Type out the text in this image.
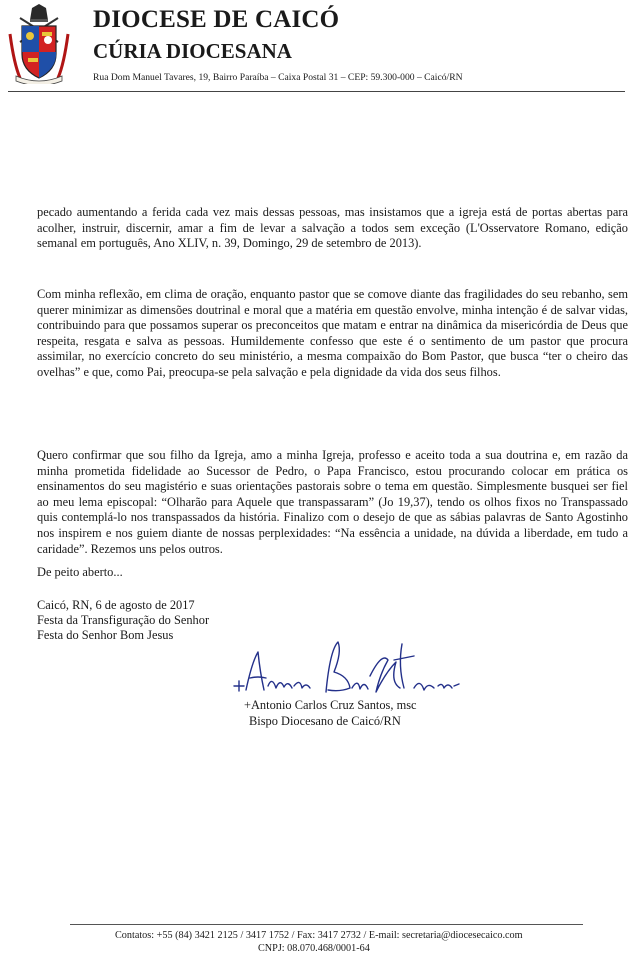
DIOCESE DE CAICÓ
CÚRIA DIOCESANA
Rua Dom Manuel Tavares, 19, Bairro Paraíba – Caixa Postal 31 – CEP: 59.300-000 – Caicó/RN
pecado aumentando a ferida cada vez mais dessas pessoas, mas insistamos que a igreja está de portas abertas para acolher, instruir, discernir, amar a fim de levar a salvação a todos sem exceção (L'Osservatore Romano, edição semanal em português, Ano XLIV, n. 39, Domingo, 29 de setembro de 2013).
Com minha reflexão, em clima de oração, enquanto pastor que se comove diante das fragilidades do seu rebanho, sem querer minimizar as dimensões doutrinal e moral que a matéria em questão envolve, minha intenção é de salvar vidas, contribuindo para que possamos superar os preconceitos que matam e entrar na dinâmica da misericórdia de Deus que respeita, resgata e salva as pessoas. Humildemente confesso que este é o sentimento de um pastor que procura assimilar, no exercício concreto do seu ministério, a mesma compaixão do Bom Pastor, que busca “ter o cheiro das ovelhas” e que, como Pai, preocupa-se pela salvação e pela dignidade da vida dos seus filhos.
Quero confirmar que sou filho da Igreja, amo a minha Igreja, professo e aceito toda a sua doutrina e, em razão da minha prometida fidelidade ao Sucessor de Pedro, o Papa Francisco, estou procurando colocar em prática os ensinamentos do seu magistério e suas orientações pastorais sobre o tema em questão. Simplesmente busquei ser fiel ao meu lema episcopal: “Olharão para Aquele que transpassaram” (Jo 19,37), tendo os olhos fixos no Transpassado quis contemplá-lo nos transpassados da história. Finalizo com o desejo de que as sábias palavras de Santo Agostinho nos inspirem e nos guiem diante de nossas perplexidades: “Na essência a unidade, na dúvida a liberdade, em tudo a caridade”. Rezemos uns pelos outros.
De peito aberto...
Caicó, RN, 6 de agosto de 2017
Festa da Transfiguração do Senhor
Festa do Senhor Bom Jesus
+Antonio Carlos Cruz Santos, msc
Bispo Diocesano de Caicó/RN
Contatos: +55 (84) 3421 2125 / 3417 1752 / Fax: 3417 2732 / E-mail: secretaria@diocesecaico.com
CNPJ: 08.070.468/0001-64
